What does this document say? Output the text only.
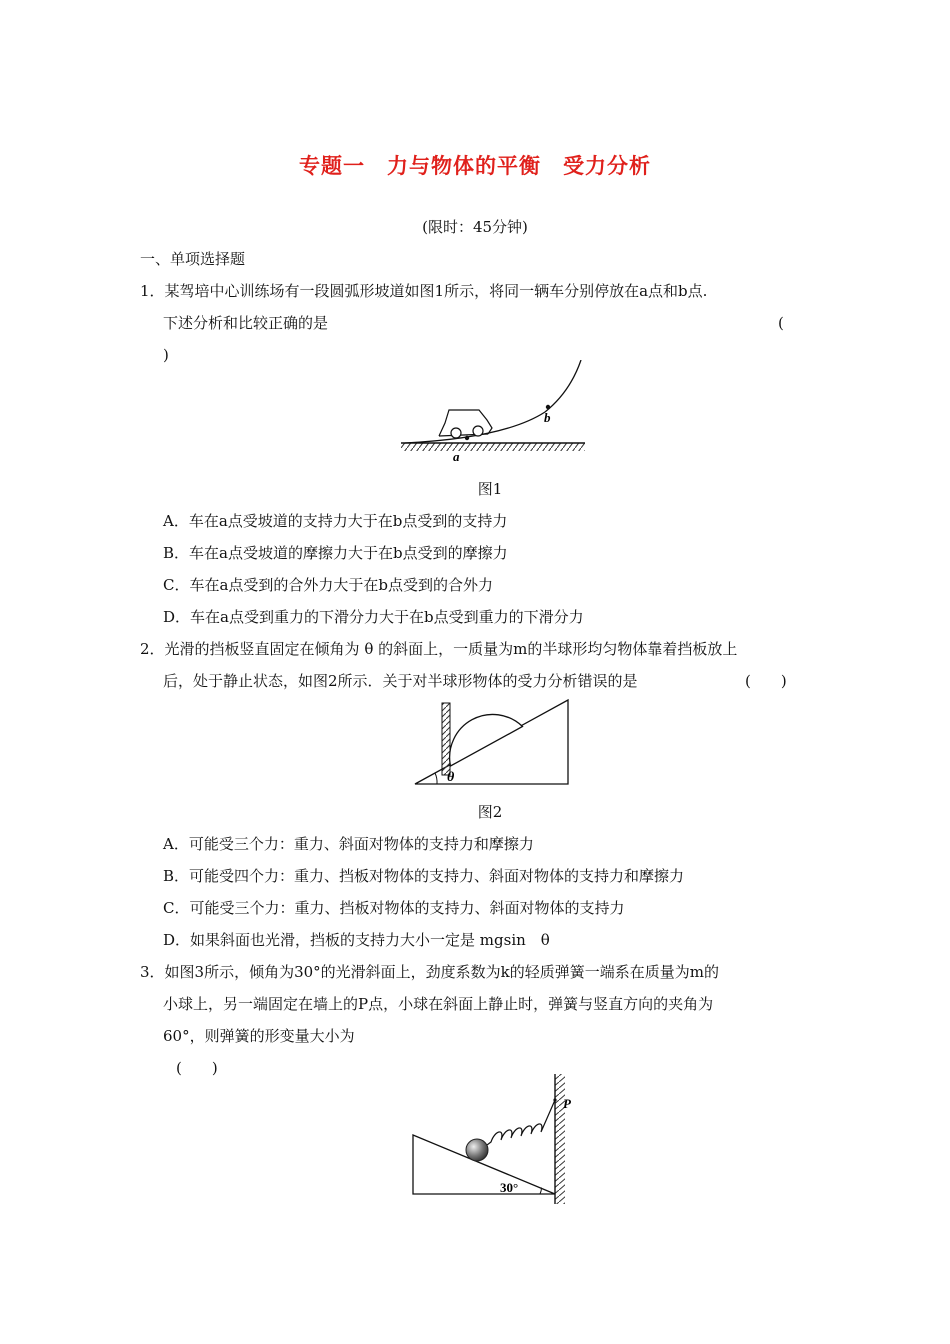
专题一　力与物体的平衡　受力分析
(限时：45分钟)
一、单项选择题
1．某驾培中心训练场有一段圆弧形坡道如图1所示，将同一辆车分别停放在a点和b点.
下述分析和比较正确的是	(
)
a
b
图1
A．车在a点受坡道的支持力大于在b点受到的支持力
B．车在a点受坡道的摩擦力大于在b点受到的摩擦力
C．车在a点受到的合外力大于在b点受到的合外力
D．车在a点受到重力的下滑分力大于在b点受到重力的下滑分力
2．光滑的挡板竖直固定在倾角为 θ 的斜面上，一质量为m的半球形均匀物体靠着挡板放上
后，处于静止状态，如图2所示．关于对半球形物体的受力分析错误的是	(　　)
θ
图2
A．可能受三个力：重力、斜面对物体的支持力和摩擦力
B．可能受四个力：重力、挡板对物体的支持力、斜面对物体的支持力和摩擦力
C．可能受三个力：重力、挡板对物体的支持力、斜面对物体的支持力
D．如果斜面也光滑，挡板的支持力大小一定是 mgsin　θ
3．如图3所示，倾角为30°的光滑斜面上，劲度系数为k的轻质弹簧一端系在质量为m的
小球上，另一端固定在墙上的P点，小球在斜面上静止时，弹簧与竖直方向的夹角为
60°，则弹簧的形变量大小为
(　　)
30°
P
